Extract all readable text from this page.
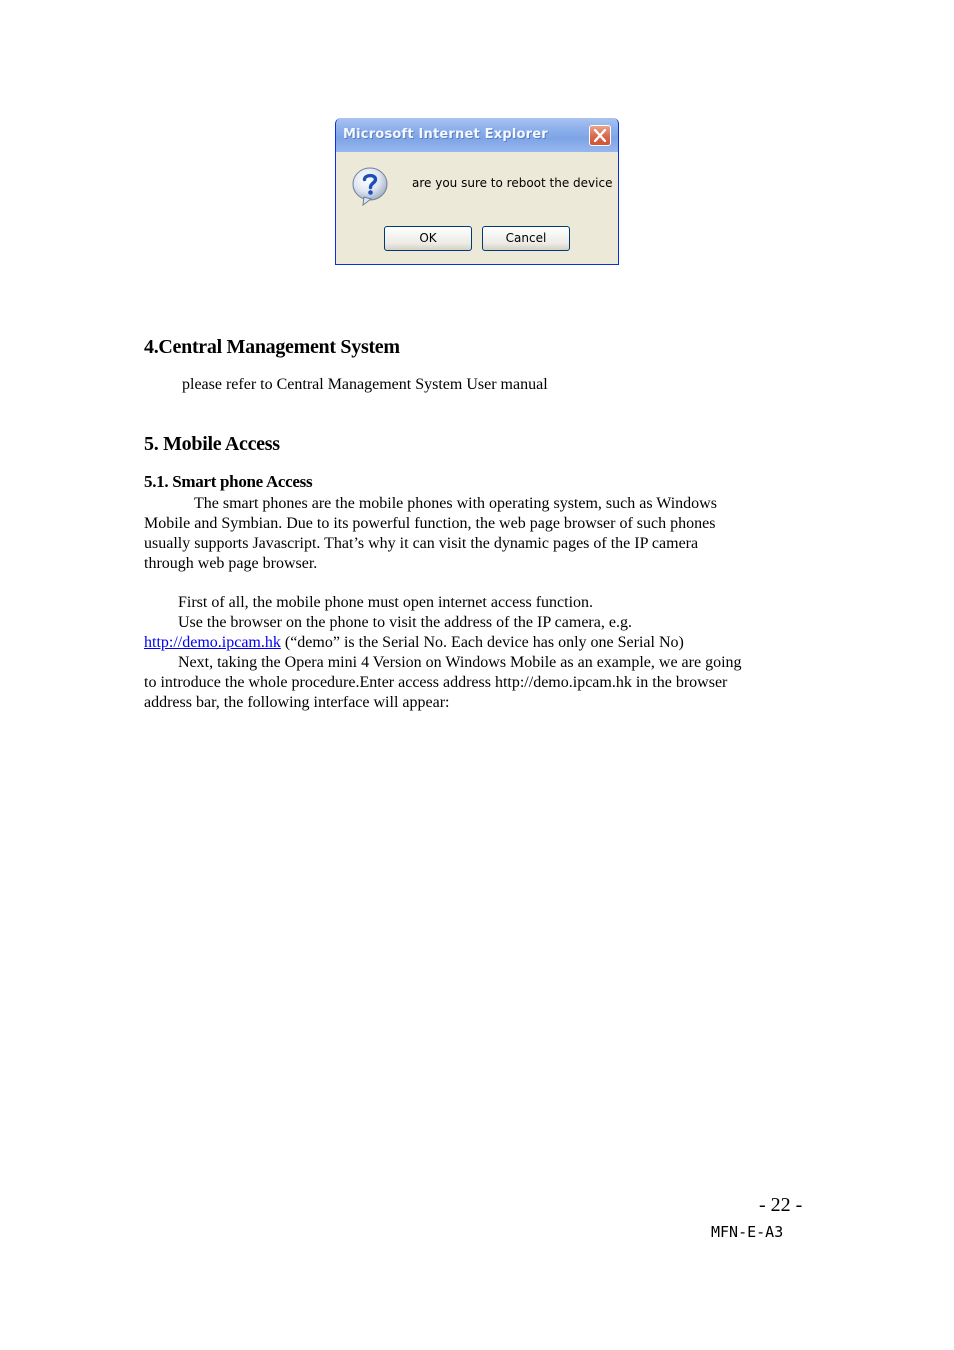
Microsoft Internet Explorer
are you sure to reboot the device
OK	Cancel
4.Central Management System
please refer to Central Management System User manual
5. Mobile Access
5.1. Smart phone Access
The smart phones are the mobile phones with operating system, such as Windows
Mobile and Symbian. Due to its powerful function, the web page browser of such phones
usually supports Javascript. That’s why it can visit the dynamic pages of the IP camera
through web page browser.
First of all, the mobile phone must open internet access function.
Use the browser on the phone to visit the address of the IP camera, e.g.
http://demo.ipcam.hk (“demo” is the Serial No. Each device has only one Serial No)
Next, taking the Opera mini 4 Version on Windows Mobile as an example, we are going
to introduce the whole procedure.Enter access address http://demo.ipcam.hk in the browser
address bar, the following interface will appear:
- 22 -
MFN-E-A3
